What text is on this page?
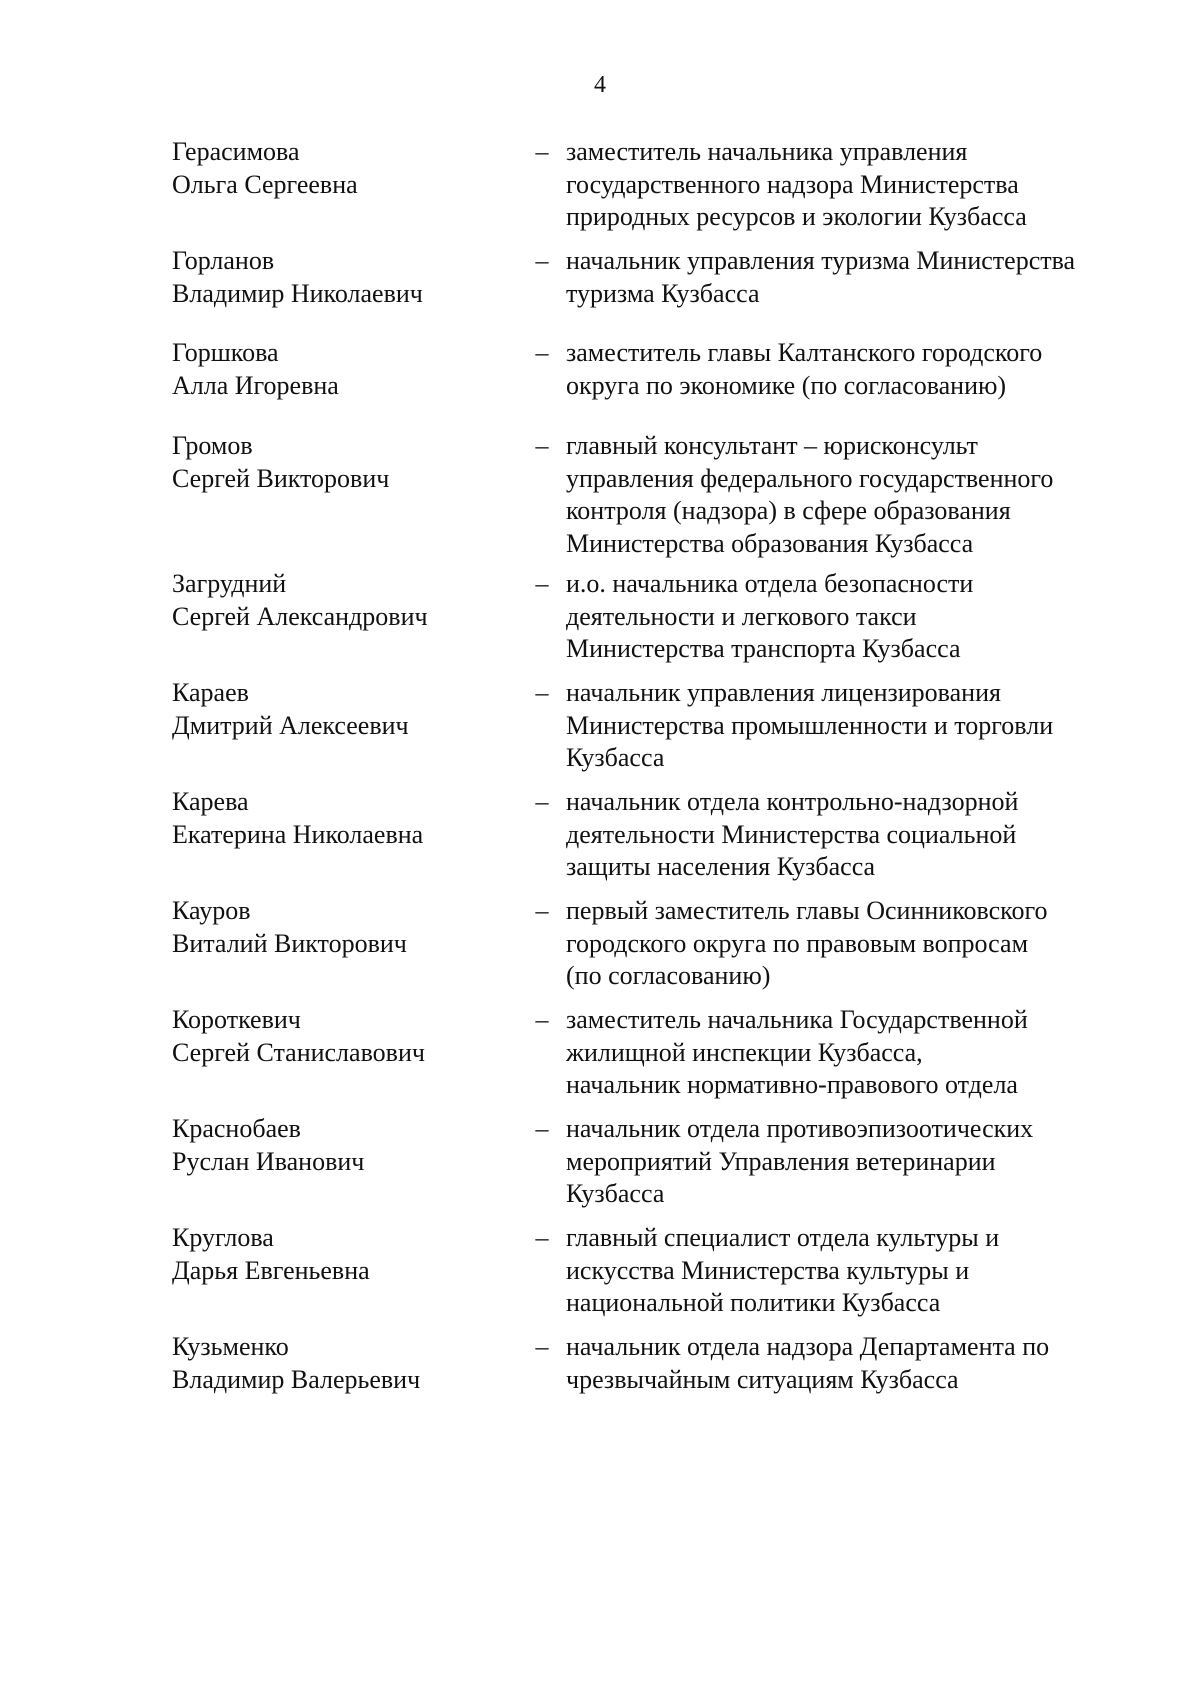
4
Герасимова
Ольга Сергеевна
– заместитель начальника управления
государственного надзора Министерства
природных ресурсов и экологии Кузбасса
Горланов
Владимир Николаевич
– начальник управления туризма Министерства
туризма Кузбасса
Горшкова
Алла Игоревна
– заместитель главы Калтанского городского
округа по экономике (по согласованию)
Громов
Сергей Викторович
– главный консультант – юрисконсульт
управления федерального государственного
контроля (надзора) в сфере образования
Министерства образования Кузбасса
Загрудний
Сергей Александрович
– и.о. начальника отдела безопасности
деятельности и легкового такси
Министерства транспорта Кузбасса
Караев
Дмитрий Алексеевич
– начальник управления лицензирования
Министерства промышленности и торговли
Кузбасса
Карева
Екатерина Николаевна
– начальник отдела контрольно-надзорной
деятельности Министерства социальной
защиты населения Кузбасса
Кауров
Виталий Викторович
– первый заместитель главы Осинниковского
городского округа по правовым вопросам
(по согласованию)
Короткевич
Сергей Станиславович
– заместитель начальника Государственной
жилищной инспекции Кузбасса,
начальник нормативно-правового отдела
Краснобаев
Руслан Иванович
– начальник отдела противоэпизоотических
мероприятий Управления ветеринарии
Кузбасса
Круглова
Дарья Евгеньевна
– главный специалист отдела культуры и
искусства Министерства культуры и
национальной политики Кузбасса
Кузьменко
Владимир Валерьевич
– начальник отдела надзора Департамента по
чрезвычайным ситуациям Кузбасса
